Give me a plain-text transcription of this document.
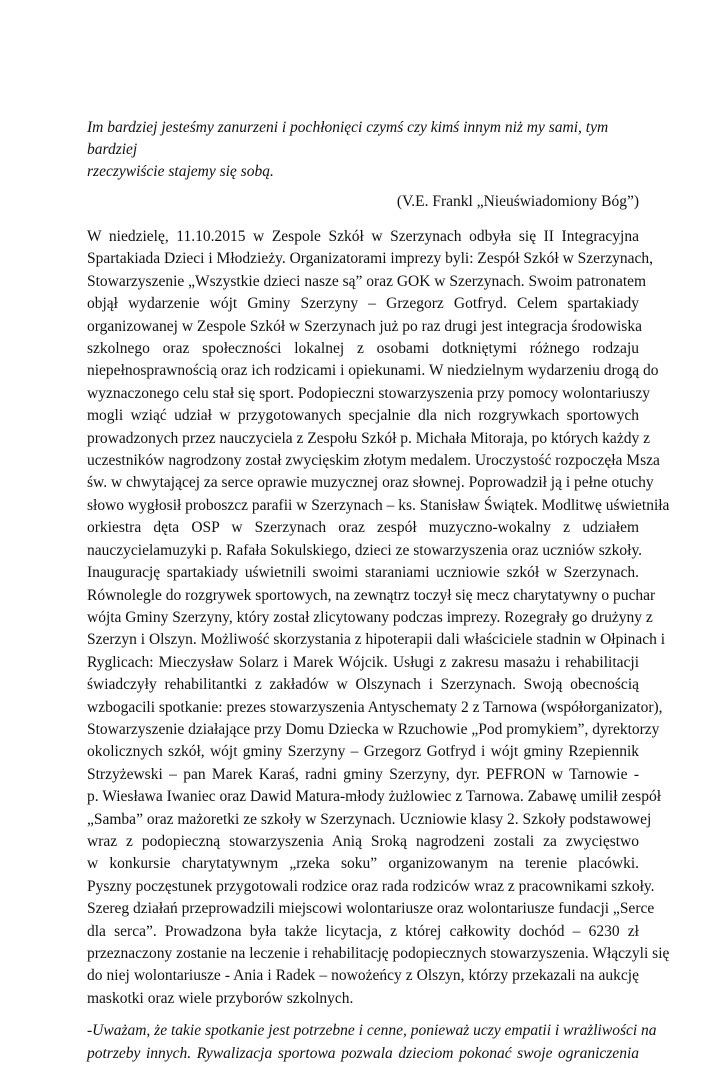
Im bardziej jesteśmy zanurzeni i pochłonięci czymś czy kimś innym niż my sami, tym bardziej
rzeczywiście stajemy się sobą.

(V.E. Frankl „Nieuświadomiony Bóg”)

W niedzielę, 11.10.2015 w Zespole Szkół w Szerzynach odbyła się II Integracyjna
Spartakiada Dzieci i Młodzieży. Organizatorami imprezy byli: Zespół Szkół w Szerzynach,
Stowarzyszenie „Wszystkie dzieci nasze są” oraz GOK w Szerzynach. Swoim patronatem
objął wydarzenie wójt Gminy Szerzyny – Grzegorz Gotfryd. Celem spartakiady
organizowanej w Zespole Szkół w Szerzynach już po raz drugi jest integracja środowiska
szkolnego oraz społeczności lokalnej z osobami dotkniętymi różnego rodzaju
niepełnosprawnością oraz ich rodzicami i opiekunami. W niedzielnym wydarzeniu drogą do
wyznaczonego celu stał się sport. Podopieczni stowarzyszenia przy pomocy wolontariuszy
mogli wziąć udział w przygotowanych specjalnie dla nich rozgrywkach sportowych
prowadzonych przez nauczyciela z Zespołu Szkół p. Michała Mitoraja, po których każdy z
uczestników nagrodzony został zwycięskim złotym medalem. Uroczystość rozpoczęła Msza
św. w chwytającej za serce oprawie muzycznej oraz słownej. Poprowadził ją i pełne otuchy
słowo wygłosił proboszcz parafii w Szerzynach – ks. Stanisław Świątek. Modlitwę uświetniła
orkiestra dęta OSP w Szerzynach oraz zespół muzyczno-wokalny z udziałem
nauczycielamuzyki p. Rafała Sokulskiego, dzieci ze stowarzyszenia oraz uczniów szkoły.
Inaugurację spartakiady uświetnili swoimi staraniami uczniowie szkół w Szerzynach.
Równolegle do rozgrywek sportowych, na zewnątrz toczył się mecz charytatywny o puchar
wójta Gminy Szerzyny, który został zlicytowany podczas imprezy. Rozegrały go drużyny z
Szerzyn i Olszyn. Możliwość skorzystania z hipoterapii dali właściciele stadnin w Ołpinach i
Ryglicach: Mieczysław Solarz i Marek Wójcik. Usługi z zakresu masażu i rehabilitacji
świadczyły rehabilitantki z zakładów w Olszynach i Szerzynach. Swoją obecnością
wzbogacili spotkanie: prezes stowarzyszenia Antyschematy 2 z Tarnowa (współorganizator),
Stowarzyszenie działające przy Domu Dziecka w Rzuchowie „Pod promykiem”, dyrektorzy
okolicznych szkół, wójt gminy Szerzyny – Grzegorz Gotfryd i wójt gminy Rzepiennik
Strzyżewski – pan Marek Karaś, radni gminy Szerzyny, dyr. PEFRON w Tarnowie -
p. Wiesława Iwaniec oraz Dawid Matura-młody żużlowiec z Tarnowa. Zabawę umilił zespół
„Samba” oraz mażoretki ze szkoły w Szerzynach. Uczniowie klasy 2. Szkoły podstawowej
wraz z podopieczną stowarzyszenia Anią Sroką nagrodzeni zostali za zwycięstwo
w konkursie charytatywnym „rzeka soku” organizowanym na terenie placówki.
Pyszny poczęstunek przygotowali rodzice oraz rada rodziców wraz z pracownikami szkoły.
Szereg działań przeprowadzili miejscowi wolontariusze oraz wolontariusze fundacji „Serce
dla serca”. Prowadzona była także licytacja, z której całkowity dochód – 6230 zł
przeznaczony zostanie na leczenie i rehabilitację podopiecznych stowarzyszenia. Włączyli się
do niej wolontariusze - Ania i Radek – nowożeńcy z Olszyn, którzy przekazali na aukcję
maskotki oraz wiele przyborów szkolnych.
-Uważam, że takie spotkanie jest potrzebne i cenne, ponieważ uczy empatii i wrażliwości na
potrzeby innych. Rywalizacja sportowa pozwala dzieciom pokonać swoje ograniczenia
